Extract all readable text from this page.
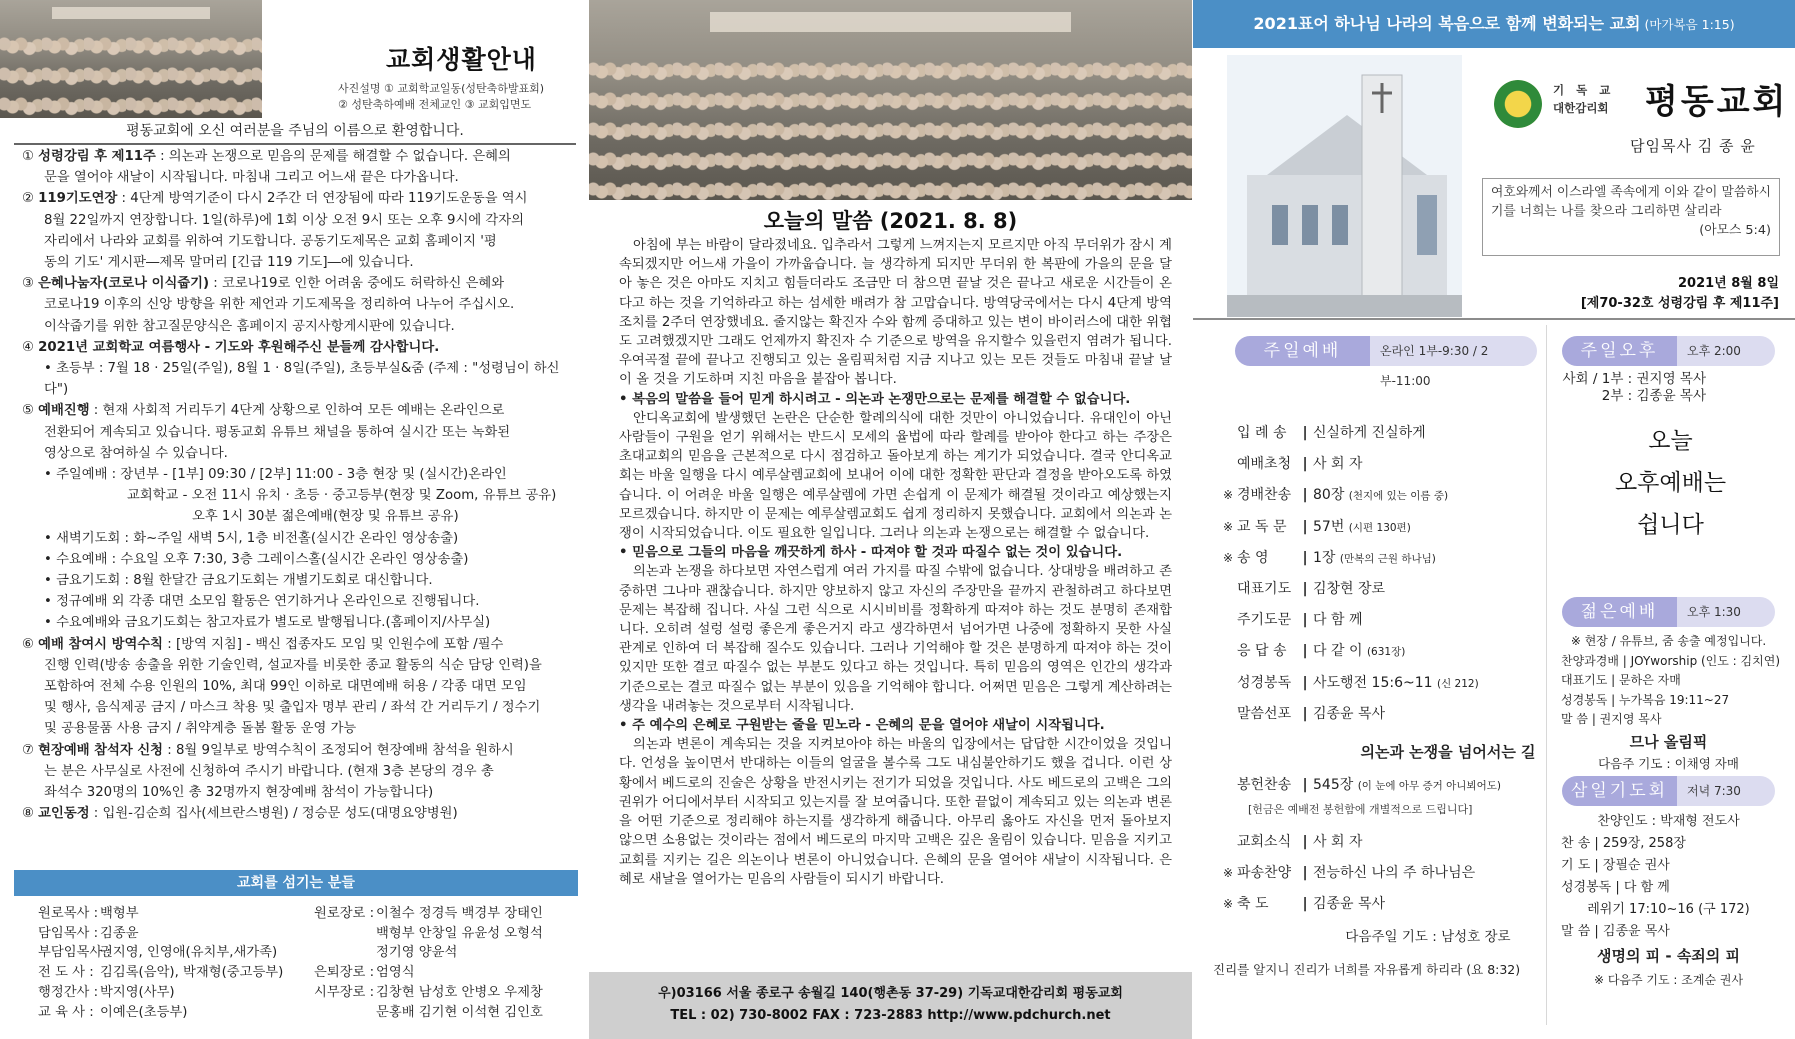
교회생활안내
사진설명 ① 교회학교일동(성탄축하발표회)
② 성탄축하예배 전체교인 ③ 교회입면도
평동교회에 오신 여러분을 주님의 이름으로 환영합니다.

① 성령강림 후 제11주 : 의논과 논쟁으로 믿음의 문제를 해결할 수 없습니다. 은혜의

문을 열어야 새날이 시작됩니다. 마침내 그리고 어느새 끝은 다가옵니다.

② 119기도연장 : 4단계 방역기준이 다시 2주간 더 연장됨에 따라 119기도운동을 역시

8월 22일까지 연장합니다. 1일(하루)에 1회 이상 오전 9시 또는 오후 9시에 각자의

자리에서 나라와 교회를 위하여 기도합니다. 공동기도제목은 교회 홈페이지 '평

동의 기도' 게시판―제목 말머리 [긴급 119 기도]―에 있습니다.

③ 은혜나눔자(코로나 이식줍기) : 코로나19로 인한 어려움 중에도 허락하신 은혜와

코로나19 이후의 신앙 방향을 위한 제언과 기도제목을 정리하여 나누어 주십시오.

이삭줍기를 위한 참고질문양식은 홈페이지 공지사항게시판에 있습니다.

④ 2021년 교회학교 여름행사 - 기도와 후원해주신 분들께 감사합니다.

• 초등부 : 7월 18 · 25일(주일), 8월 1 · 8일(주일), 초등부실&줌 (주제 : "성령님이 하신다")

⑤ 예배진행 : 현재 사회적 거리두기 4단계 상황으로 인하여 모든 예배는 온라인으로

전환되어 계속되고 있습니다. 평동교회 유튜브 채널을 통하여 실시간 또는 녹화된

영상으로 참여하실 수 있습니다.

• 주일예배 : 장년부 - [1부] 09:30 / [2부] 11:00 - 3층 현장 및 (실시간)온라인

교회학교 - 오전 11시 유치 · 초등 · 중고등부(현장 및 Zoom, 유튜브 공유)

오후 1시 30분 젊은예배(현장 및 유튜브 공유)

• 새벽기도회 : 화~주일 새벽 5시, 1층 비전홀(실시간 온라인 영상송출)

• 수요예배 : 수요일 오후 7:30, 3층 그레이스홀(실시간 온라인 영상송출)

• 금요기도회 : 8월 한달간 금요기도회는 개별기도회로 대신합니다.

• 정규예배 외 각종 대면 소모임 활동은 연기하거나 온라인으로 진행됩니다.

• 수요예배와 금요기도회는 참고자료가 별도로 발행됩니다.(홈페이지/사무실)

⑥ 예배 참여시 방역수칙 : [방역 지침] - 백신 접종자도 모임 및 인원수에 포함 /필수

진행 인력(방송 송출을 위한 기술인력, 설교자를 비롯한 종교 활동의 식순 담당 인력)을

포함하여 전체 수용 인원의 10%, 최대 99인 이하로 대면예배 허용 / 각종 대면 모임

및 행사, 음식제공 금지 / 마스크 착용 및 출입자 명부 관리 / 좌석 간 거리두기 / 정수기

및 공용물품 사용 금지 / 취약계층 돌봄 활동 운영 가능

⑦ 현장예배 참석자 신청 : 8월 9일부로 방역수칙이 조정되어 현장예배 참석을 원하시

는 분은 사무실로 사전에 신청하여 주시기 바랍니다. (현재 3층 본당의 경우 총

좌석수 320명의 10%인 총 32명까지 현장예배 참석이 가능합니다)

⑧ 교인동정 : 입원-김순희 집사(세브란스병원) / 정승문 성도(대명요양병원)

교회를 섬기는 분들
원로목사 :백형부
담임목사 :김종윤
부담임목사 :권지영, 인영애(유치부,새가족)
전 도 사 :김김록(음악), 박재형(중고등부)
행정간사 :박지영(사무)
교 육 사 :이예은(초등부)
원로장로 :이철수 정경득 백경부 장태인
백형부 안창일 유윤성 오형석
정기영 양윤석
은퇴장로 :엄영식
시무장로 :김창현 남성호 안병오 우제창
문홍배 김기현 이석현 김인호
오늘의 말씀 (2021. 8. 8)

아침에 부는 바람이 달라졌네요. 입추라서 그렇게 느껴지는지 모르지만 아직 무더위가 잠시 계속되겠지만 어느새 가을이 가까웁습니다. 늘 생각하게 되지만 무더위 한 복판에 가을의 문을 달아 놓은 것은 아마도 지치고 힘들더라도 조금만 더 참으면 끝날 것은 끝나고 새로운 시간들이 온다고 하는 것을 기억하라고 하는 섬세한 배려가 참 고맙습니다. 방역당국에서는 다시 4단계 방역조치를 2주더 연장했네요. 줄지않는 확진자 수와 함께 증대하고 있는 변이 바이러스에 대한 위협도 고려했겠지만 그래도 언제까지 확진자 수 기준으로 방역을 유지할수 있을런지 염려가 됩니다. 우여곡절 끝에 끝나고 진행되고 있는 올림픽처럼 지금 지나고 있는 모든 것들도 마침내 끝날 날이 올 것을 기도하며 지친 마음을 붙잡아 봅니다.

• 복음의 말씀을 들어 믿게 하시려고 - 의논과 논쟁만으로는 문제를 해결할 수 없습니다.

안디옥교회에 발생했던 논란은 단순한 할례의식에 대한 것만이 아니었습니다. 유대인이 아닌 사람들이 구원을 얻기 위해서는 반드시 모세의 율법에 따라 할례를 받아야 한다고 하는 주장은 초대교회의 믿음을 근본적으로 다시 점검하고 돌아보게 하는 계기가 되었습니다. 결국 안디옥교회는 바울 일행을 다시 예루살렘교회에 보내어 이에 대한 정확한 판단과 결정을 받아오도록 하였습니다. 이 어려운 바울 일행은 예루살렘에 가면 손쉽게 이 문제가 해결될 것이라고 예상했는지 모르겠습니다. 하지만 이 문제는 예루살렘교회도 쉽게 정리하지 못했습니다. 교회에서 의논과 논쟁이 시작되었습니다. 이도 필요한 일입니다. 그러나 의논과 논쟁으로는 해결할 수 없습니다.

• 믿음으로 그들의 마음을 깨끗하게 하사 - 따져야 할 것과 따질수 없는 것이 있습니다.

의논과 논쟁을 하다보면 자연스럽게 여러 가지를 따질 수밖에 없습니다. 상대방을 배려하고 존중하면 그나마 괜찮습니다. 하지만 양보하지 않고 자신의 주장만을 끝까지 관철하려고 하다보면 문제는 복잡해 집니다. 사실 그런 식으로 시시비비를 정확하게 따져야 하는 것도 분명히 존재합니다. 오히려 설렁 설렁 좋은게 좋은거지 라고 생각하면서 넘어가면 나중에 정확하지 못한 사실관계로 인하여 더 복잡해 질수도 있습니다. 그러나 기억해야 할 것은 분명하게 따져야 하는 것이 있지만 또한 결코 따질수 없는 부분도 있다고 하는 것입니다. 특히 믿음의 영역은 인간의 생각과 기준으로는 결코 따질수 없는 부분이 있음을 기억해야 합니다. 어쩌면 믿음은 그렇게 계산하려는 생각을 내려놓는 것으로부터 시작됩니다.

• 주 예수의 은혜로 구원받는 줄을 믿노라 - 은혜의 문을 열어야 새날이 시작됩니다.

의논과 변론이 계속되는 것을 지켜보아야 하는 바울의 입장에서는 답답한 시간이었을 것입니다. 언성을 높이면서 반대하는 이들의 얼굴을 볼수록 그도 내심불안하기도 했을 겁니다. 이런 상황에서 베드로의 진술은 상황을 반전시키는 전기가 되었을 것입니다. 사도 베드로의 고백은 그의 권위가 어디에서부터 시작되고 있는지를 잘 보여줍니다. 또한 끝없이 계속되고 있는 의논과 변론을 어떤 기준으로 정리해야 하는지를 생각하게 해줍니다. 아무리 옳아도 자신을 먼저 돌아보지 않으면 소용없는 것이라는 점에서 베드로의 마지막 고백은 깊은 울림이 있습니다. 믿음을 지키고 교회를 지키는 길은 의논이나 변론이 아니었습니다. 은혜의 문을 열어야 새날이 시작됩니다. 은혜로 새날을 열어가는 믿음의 사람들이 되시기 바랍니다.

우)03166 서울 종로구 송월길 140(행촌동 37-29) 기독교대한감리회 평동교회
TEL : 02) 730-8002 FAX : 723-2883 http://www.pdchurch.net
2021표어 하나님 나라의 복음으로 함께 변화되는 교회 (마가복음 1:15)
기 독 교
대한감리회 평동교회
담임목사 김 종 윤
여호와께서 이스라엘 족속에게 이와 같이 말씀하시기를 너희는 나를 찾으라 그리하면 살리라
(아모스 5:4)
2021년 8월 8일
[제70-32호 성령강림 후 제11주]
주일예배	온라인 1부-9:30 / 2부-11:00	사회 / 1부 : 권지영 목사
2부 : 김종윤 목사
입 례 송 | 신실하게 진실하게
예배초청 | 사 회 자
※ 경배찬송 | 80장 (천지에 있는 이름 중)
※ 교 독 문 | 57번 (시편 130편)
※ 송 영 | 1장 (만복의 근원 하나님)
대표기도 | 김창현 장로
주기도문 | 다 함 께
응 답 송 | 다 같 이 (631장)
성경봉독 | 사도행전 15:6~11 (신 212)
말씀선포 | 김종윤 목사
의논과 논쟁을 넘어서는 길
봉헌찬송 | 545장 (이 눈에 아무 증거 아니뵈어도)
[헌금은 예배전 봉헌함에 개별적으로 드립니다]
교회소식 | 사 회 자
※ 파송찬양 | 전능하신 나의 주 하나님은
※ 축 도 | 김종윤 목사
다음주일 기도 : 남성호 장로
진리를 알지니 진리가 너희를 자유롭게 하리라 (요 8:32)
주일오후	오후 2:00
오늘
오후예배는
쉽니다
젊은예배	오후 1:30
※ 현장 / 유튜브, 줌 송출 예정입니다.
찬양과경배 | JOYworship (인도 : 김치연)
대표기도 | 문하은 자매
성경봉독 | 누가복음 19:11~27
말 씀 | 권지영 목사
므나 올림픽
다음주 기도 : 이채영 자매
삼일기도회	저녁 7:30
찬양인도 : 박재형 전도사
찬 송 | 259장, 258장
기 도 | 장필순 권사
성경봉독 | 다 함 께
레위기 17:10~16 (구 172)
말 씀 | 김종윤 목사
생명의 피 - 속죄의 피
※ 다음주 기도 : 조계순 권사
